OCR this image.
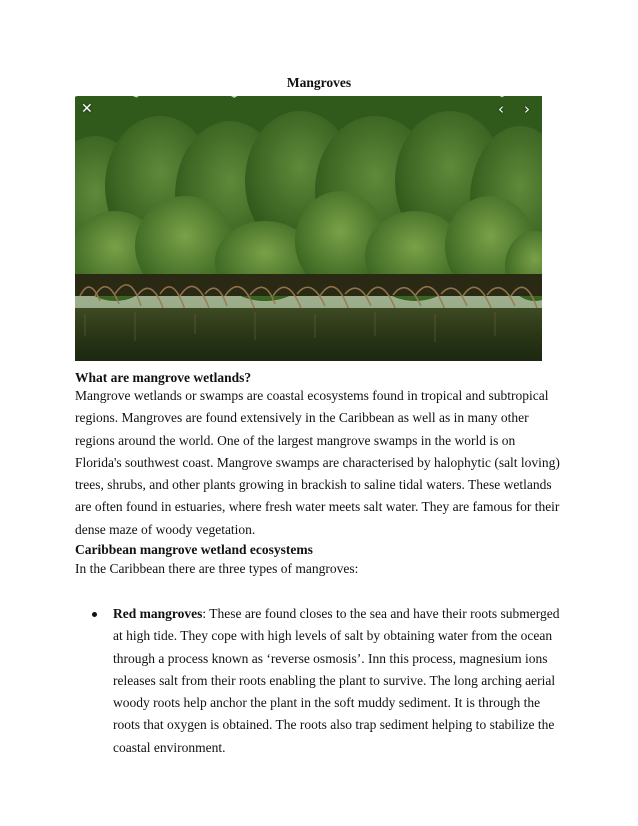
Mangroves
✕	‹ ›
What are mangrove wetlands?
Mangrove wetlands or swamps are coastal ecosystems found in tropical and subtropical regions. Mangroves are found extensively in the Caribbean as well as in many other regions around the world. One of the largest mangrove swamps in the world is on Florida's southwest coast. Mangrove swamps are characterised by halophytic (salt loving) trees, shrubs, and other plants growing in brackish to saline tidal waters. These wetlands are often found in estuaries, where fresh water meets salt water. They are famous for their dense maze of woody vegetation.
Caribbean mangrove wetland ecosystems
In the Caribbean there are three types of mangroves:
Red mangroves: These are found closes to the sea and have their roots submerged at high tide. They cope with high levels of salt by obtaining water from the ocean through a process known as ‘reverse osmosis’. Inn this process, magnesium ions releases salt from their roots enabling the plant to survive. The long arching aerial woody roots help anchor the plant in the soft muddy sediment. It is through the roots that oxygen is obtained. The roots also trap sediment helping to stabilize the coastal environment.
